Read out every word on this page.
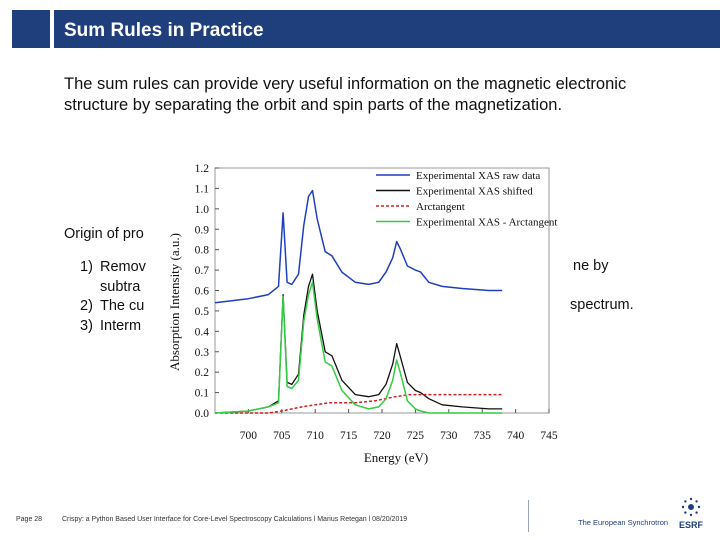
Sum Rules in Practice
The sum rules can provide very useful information on the magnetic electronic
structure by separating the orbit and spin parts of the magnetization.
Origin of pro
1) Remov
subtra
2) The cu
3) Interm
ne by
spectrum.
0.0
0.1
0.2
0.3
0.4
0.5
0.6
0.7
0.8
0.9
1.0
1.1
1.2
700 705 710 715 720 725 730 735 740 745
Experimental XAS raw data
Experimental XAS shifted
Arctangent
Experimental XAS - Arctangent
Absorption Intensity (a.u.)
Energy (eV)
Page 28	Crispy: a Python Based User Interface for Core-Level Spectroscopy Calculations l Marius Retegan l 08/20/2019	The European Synchrotron ESRF
